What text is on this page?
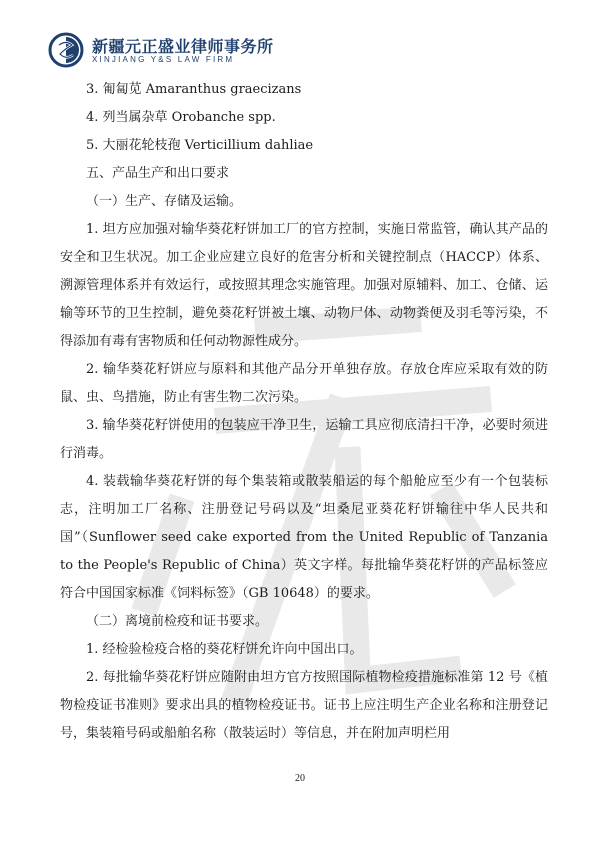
新疆元正盛业律师事务所
XINJIANG Y&S LAW FIRM

3. 匍匐苋 Amaranthus graecizans

4. 列当属杂草 Orobanche spp.

5. 大丽花轮枝孢 Verticillium dahliae

五、产品生产和出口要求

（一）生产、存储及运输。

1. 坦方应加强对输华葵花籽饼加工厂的官方控制，实施日常监管，确认其产品的安全和卫生状况。加工企业应建立良好的危害分析和关键控制点（HACCP）体系、溯源管理体系并有效运行，或按照其理念实施管理。加强对原辅料、加工、仓储、运输等环节的卫生控制，避免葵花籽饼被土壤、动物尸体、动物粪便及羽毛等污染，不得添加有毒有害物质和任何动物源性成分。

2. 输华葵花籽饼应与原料和其他产品分开单独存放。存放仓库应采取有效的防鼠、虫、鸟措施，防止有害生物二次污染。

3. 输华葵花籽饼使用的包装应干净卫生，运输工具应彻底清扫干净，必要时须进行消毒。

4. 装载输华葵花籽饼的每个集装箱或散装船运的每个船舱应至少有一个包装标志，注明加工厂名称、注册登记号码以及“坦桑尼亚葵花籽饼输往中华人民共和国”（Sunflower seed cake exported from the United Republic of Tanzania to the People's Republic of China）英文字样。每批输华葵花籽饼的产品标签应符合中国国家标准《饲料标签》（GB 10648）的要求。

（二）离境前检疫和证书要求。

1. 经检验检疫合格的葵花籽饼允许向中国出口。

2. 每批输华葵花籽饼应随附由坦方官方按照国际植物检疫措施标准第 12 号《植物检疫证书准则》要求出具的植物检疫证书。证书上应注明生产企业名称和注册登记号，集装箱号码或船舶名称（散装运时）等信息，并在附加声明栏用

20
